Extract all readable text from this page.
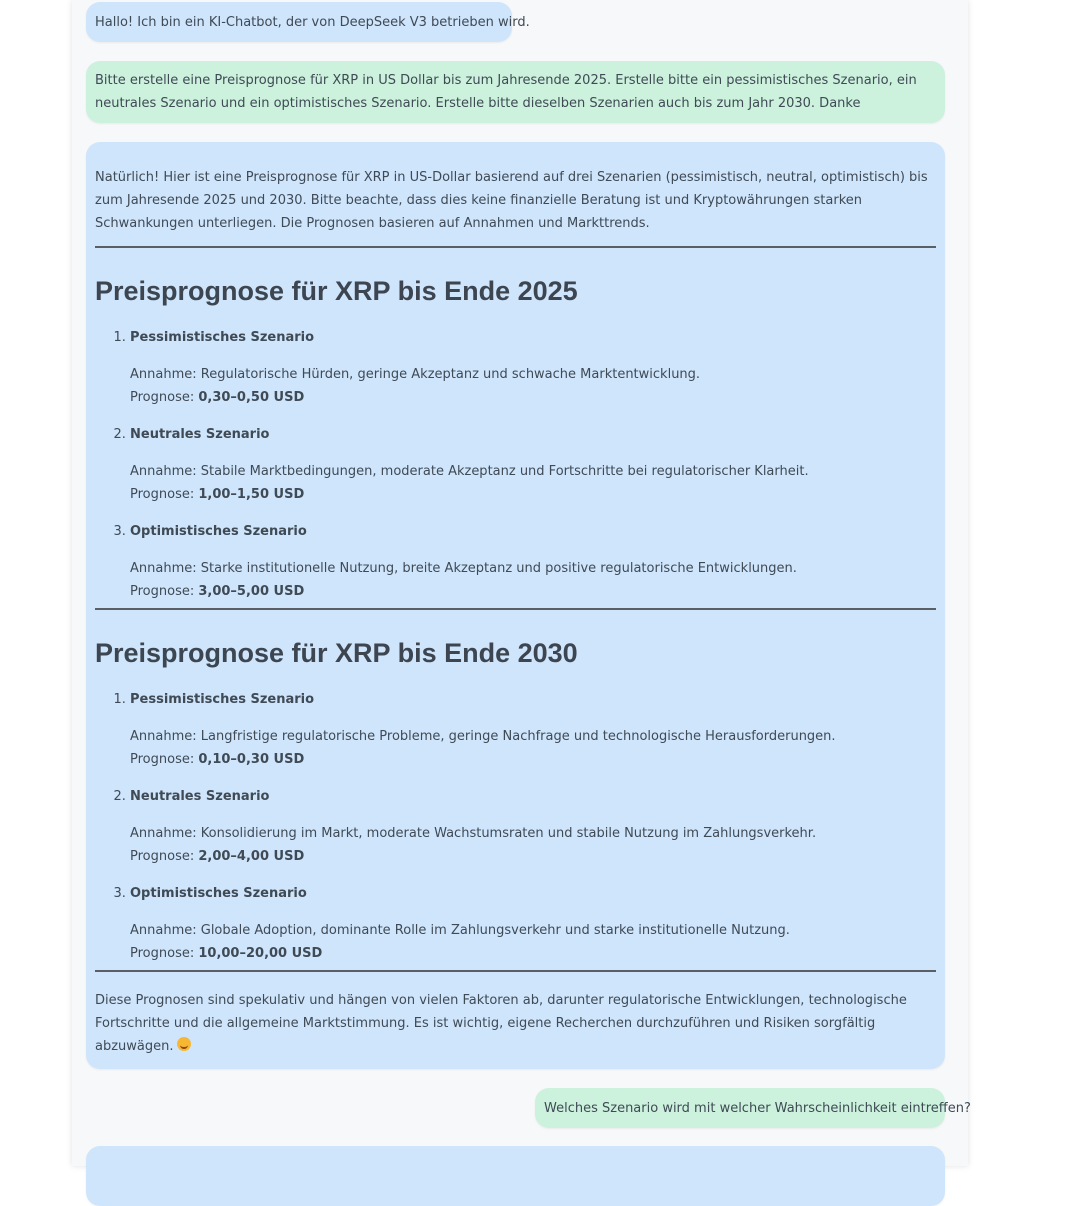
Hallo! Ich bin ein KI-Chatbot, der von DeepSeek V3 betrieben wird.
Bitte erstelle eine Preisprognose für XRP in US Dollar bis zum Jahresende 2025. Erstelle bitte ein pessimistisches Szenario, ein neutrales Szenario und ein optimistisches Szenario. Erstelle bitte dieselben Szenarien auch bis zum Jahr 2030. Danke

Natürlich! Hier ist eine Preisprognose für XRP in US-Dollar basierend auf drei Szenarien (pessimistisch, neutral, optimistisch) bis zum Jahresende 2025 und 2030. Bitte beachte, dass dies keine finanzielle Beratung ist und Kryptowährungen starken Schwankungen unterliegen. Die Prognosen basieren auf Annahmen und Markttrends.

Preisprognose für XRP bis Ende 2025
1. Pessimistisches Szenario
Annahme: Regulatorische Hürden, geringe Akzeptanz und schwache Marktentwicklung.
Prognose: 0,30–0,50 USD
2. Neutrales Szenario
Annahme: Stabile Marktbedingungen, moderate Akzeptanz und Fortschritte bei regulatorischer Klarheit.
Prognose: 1,00–1,50 USD
3. Optimistisches Szenario
Annahme: Starke institutionelle Nutzung, breite Akzeptanz und positive regulatorische Entwicklungen.
Prognose: 3,00–5,00 USD
Preisprognose für XRP bis Ende 2030
1. Pessimistisches Szenario
Annahme: Langfristige regulatorische Probleme, geringe Nachfrage und technologische Herausforderungen.
Prognose: 0,10–0,30 USD
2. Neutrales Szenario
Annahme: Konsolidierung im Markt, moderate Wachstumsraten und stabile Nutzung im Zahlungsverkehr.
Prognose: 2,00–4,00 USD
3. Optimistisches Szenario
Annahme: Globale Adoption, dominante Rolle im Zahlungsverkehr und starke institutionelle Nutzung.
Prognose: 10,00–20,00 USD

Diese Prognosen sind spekulativ und hängen von vielen Faktoren ab, darunter regulatorische Entwicklungen, technologische Fortschritte und die allgemeine Marktstimmung. Es ist wichtig, eigene Recherchen durchzuführen und Risiken sorgfältig abzuwägen.

Welches Szenario wird mit welcher Wahrscheinlichkeit eintreffen?
